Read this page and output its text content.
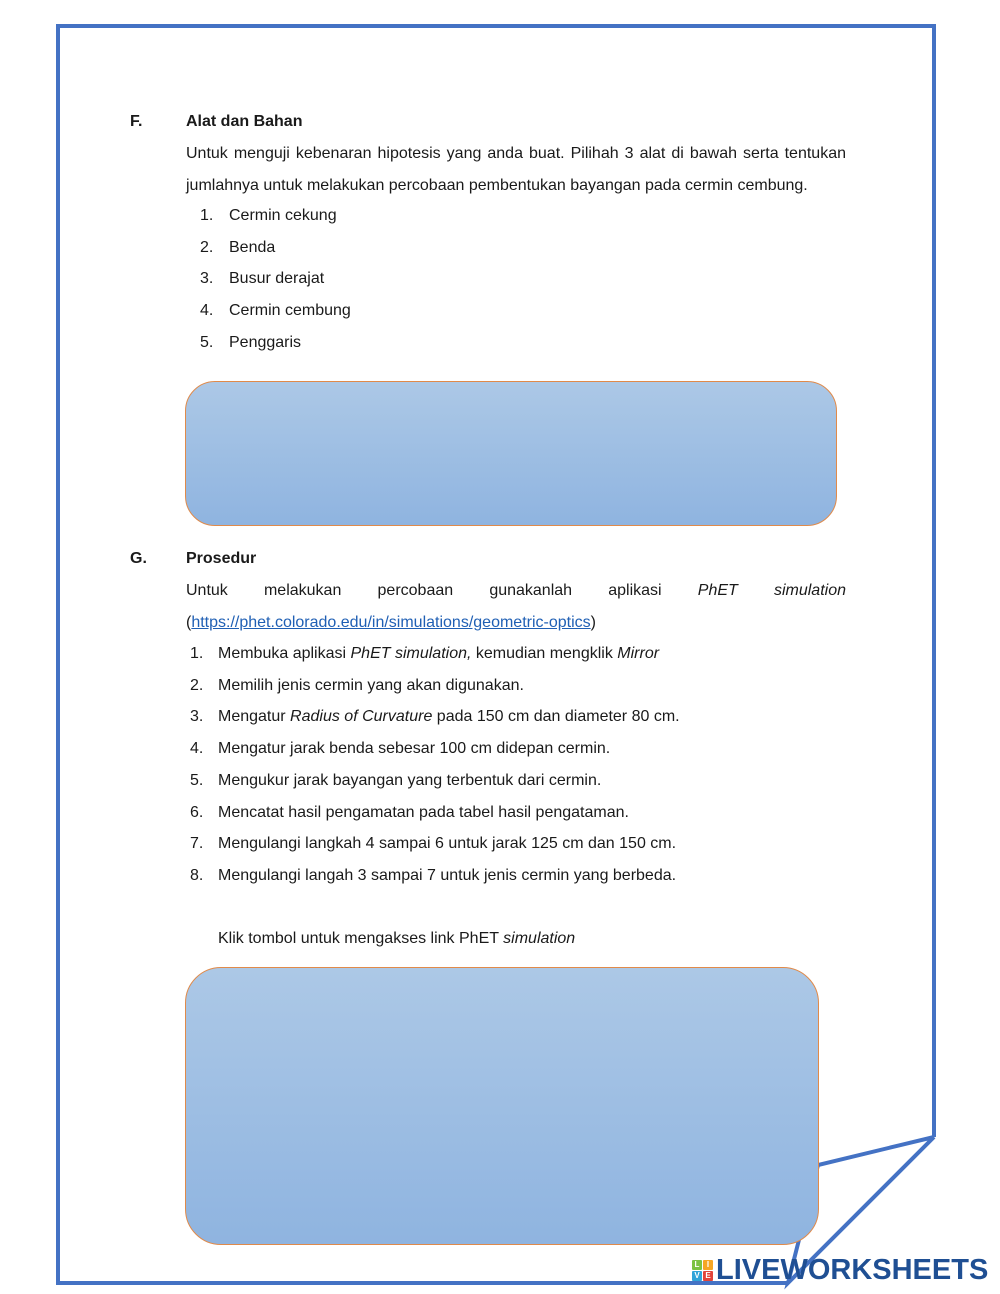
F.	Alat dan Bahan
Untuk menguji kebenaran hipotesis yang anda buat. Pilihah 3 alat di bawah serta tentukan
jumlahnya untuk melakukan percobaan pembentukan bayangan pada cermin cembung.
1. Cermin cekung
2. Benda
3. Busur derajat
4. Cermin cembung
5. Penggaris
G. Prosedur
Untuk melakukan percobaan gunakanlah aplikasi PhET simulation
(https://phet.colorado.edu/in/simulations/geometric-optics)
1. Membuka aplikasi PhET simulation, kemudian mengklik Mirror
2. Memilih jenis cermin yang akan digunakan.
3. Mengatur Radius of Curvature pada 150 cm dan diameter 80 cm.
4. Mengatur jarak benda sebesar 100 cm didepan cermin.
5. Mengukur jarak bayangan yang terbentuk dari cermin.
6. Mencatat hasil pengamatan pada tabel hasil pengataman.
7. Mengulangi langkah 4 sampai 6 untuk jarak 125 cm dan 150 cm.
8. Mengulangi langah 3 sampai 7 untuk jenis cermin yang berbeda.
Klik tombol untuk mengakses link PhET simulation
L I
V E LIVEWORKSHEETS
